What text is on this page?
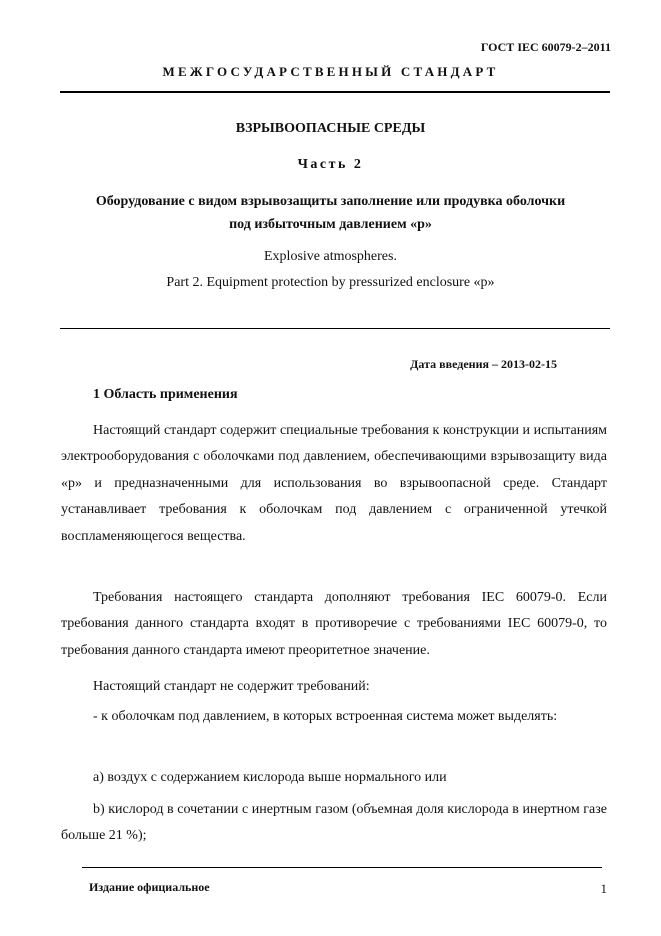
ГОСТ IEC 60079-2–2011
МЕЖГОСУДАРСТВЕННЫЙ СТАНДАРТ
ВЗРЫВООПАСНЫЕ СРЕДЫ
Часть 2
Оборудование с видом взрывозащиты заполнение или продувка оболочки
под избыточным давлением «р»
Explosive atmospheres.
Part 2. Equipment protection by pressurized enclosure «p»
Дата введения – 2013-02-15
1 Область применения

Настоящий стандарт содержит специальные требования к конструкции и испытаниям электрооборудования с оболочками под давлением, обеспечивающими взрывозащиту вида «р» и предназначенными для использования во взрывоопасной среде. Стандарт устанавливает требования к оболочкам под давлением с ограниченной утечкой воспламеняющегося вещества.

Требования настоящего стандарта дополняют требования IEC 60079-0. Если требования данного стандарта входят в противоречие с требованиями IEC 60079-0, то требования данного стандарта имеют преоритетное значение.

Настоящий стандарт не содержит требований:

- к оболочкам под давлением, в которых встроенная система может выделять:

a) воздух с содержанием кислорода выше нормального или

b) кислород в сочетании с инертным газом (объемная доля кислорода в инертном газе больше 21 %);

Издание официальное	1
